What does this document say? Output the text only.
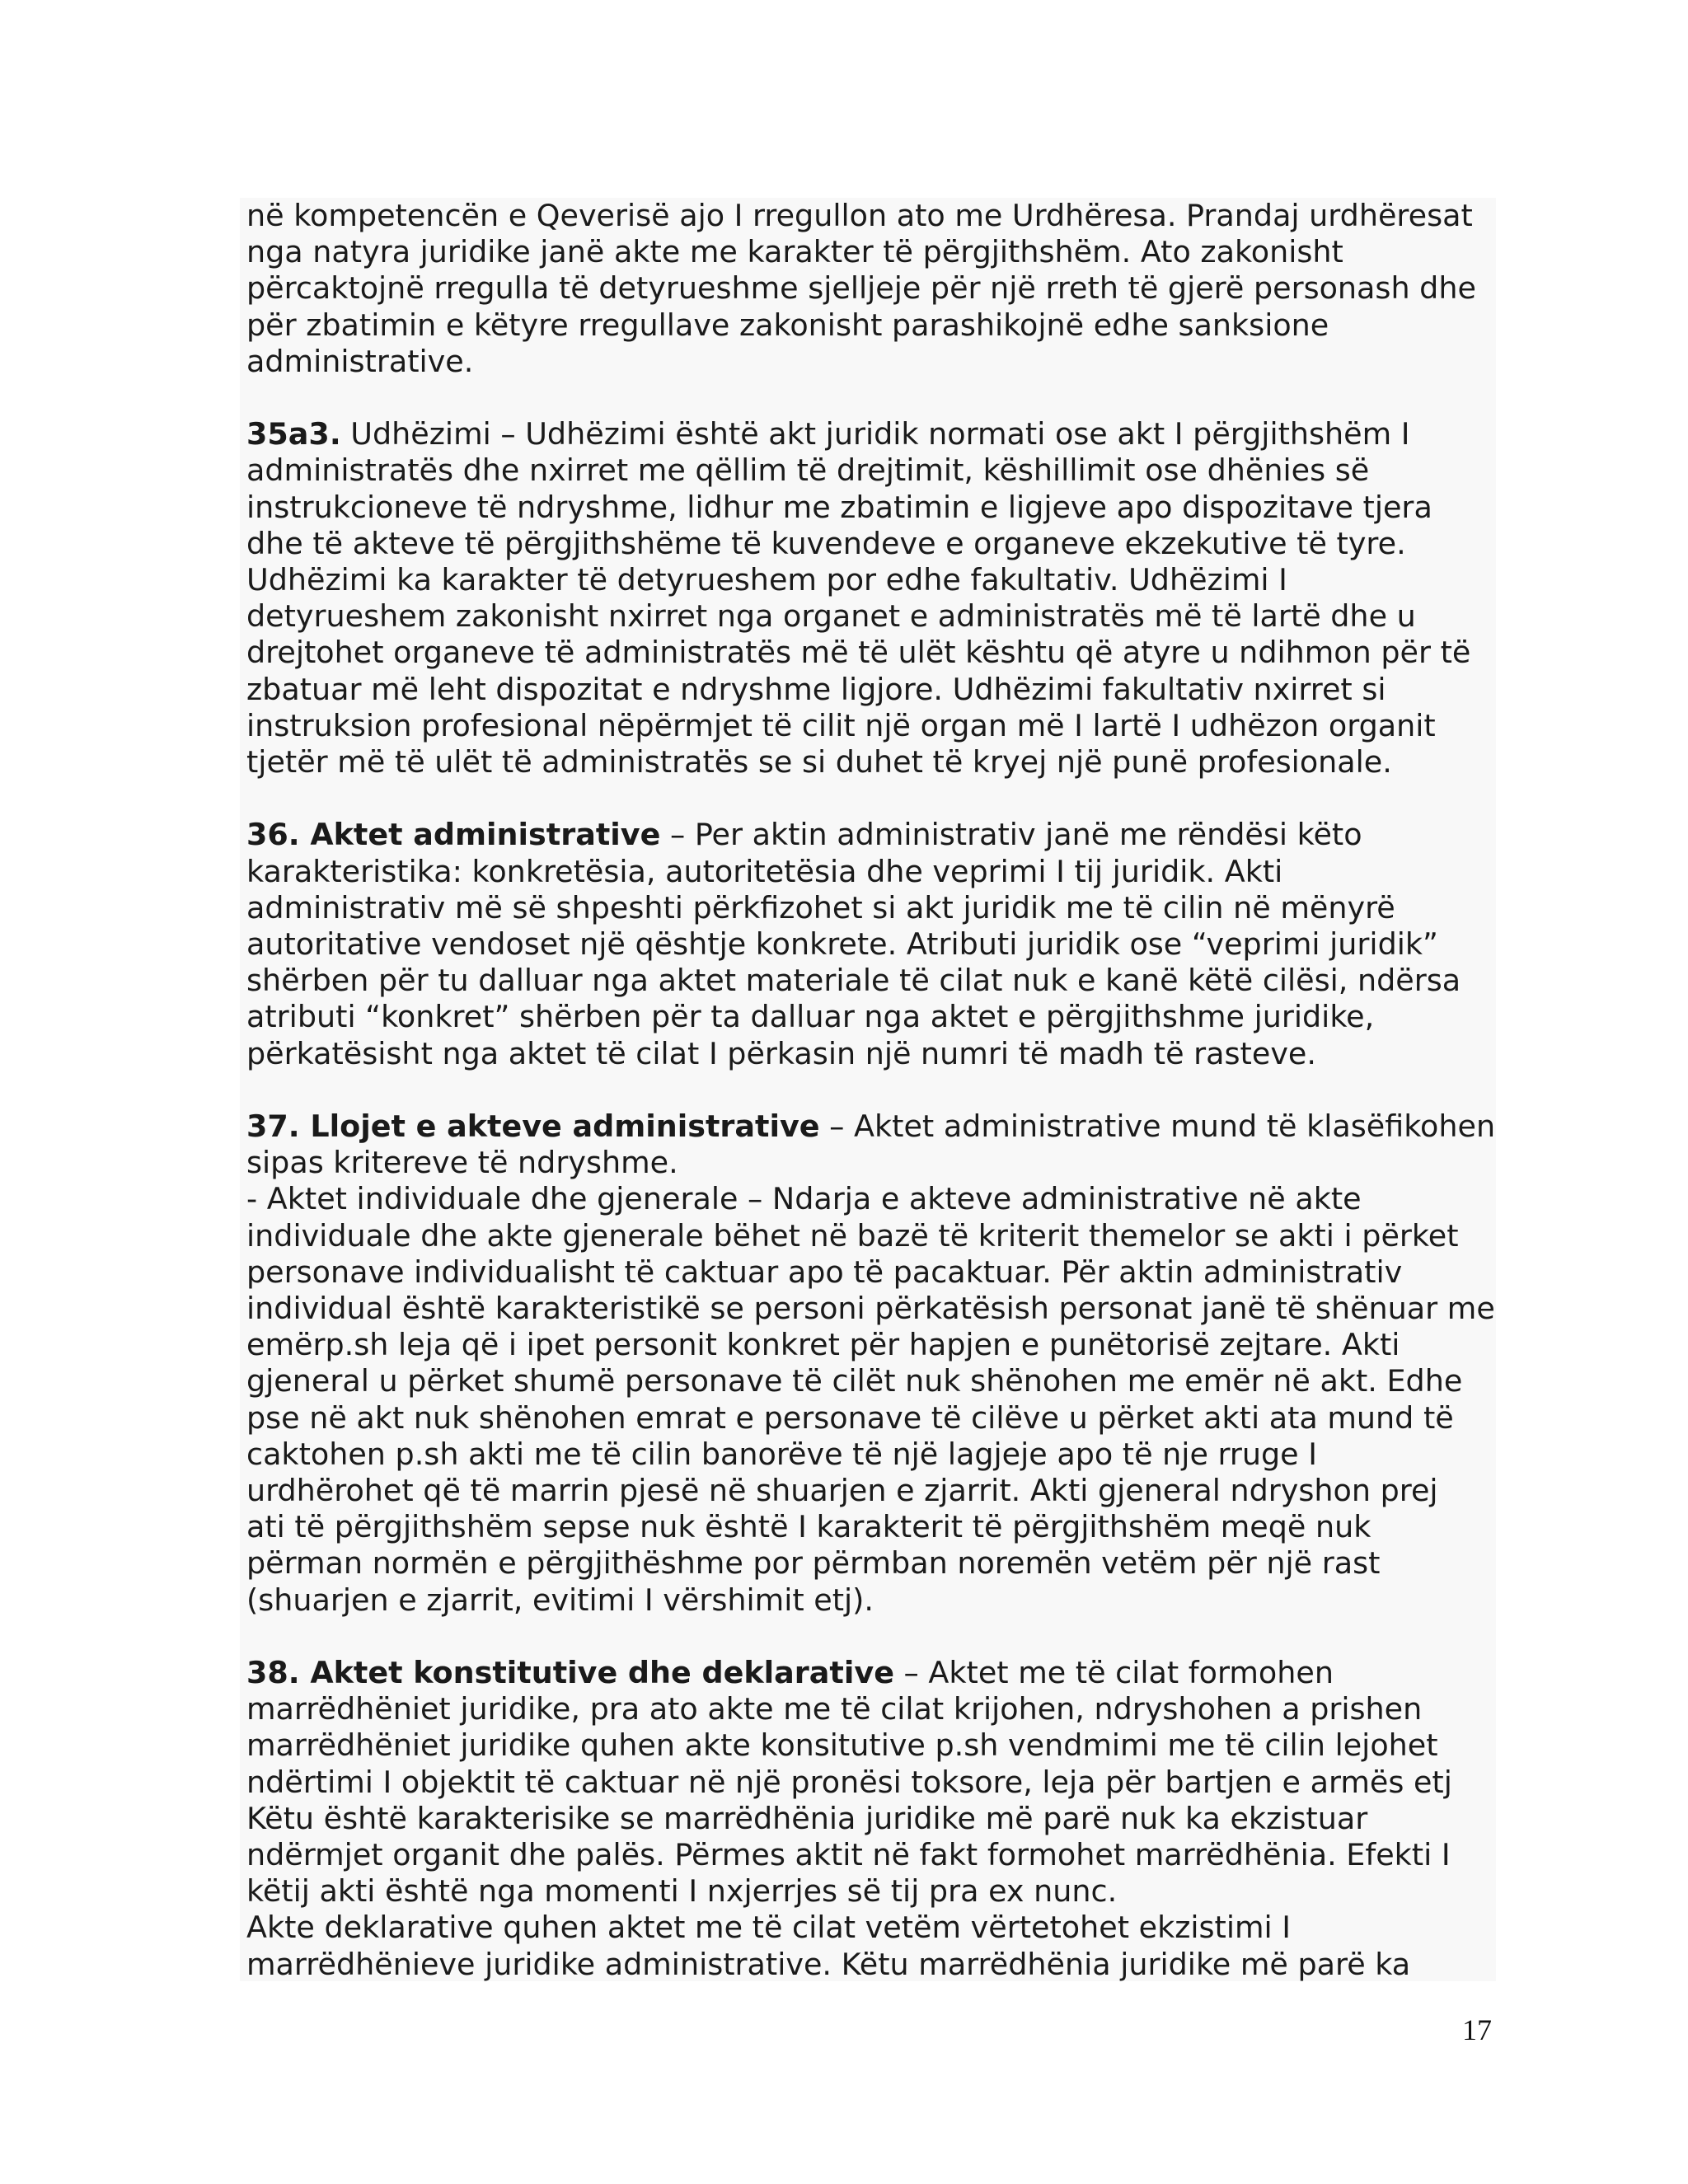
në kompetencën e Qeverisë ajo I rregullon ato me Urdhëresa. Prandaj urdhëresat

nga natyra juridike janë akte me karakter të përgjithshëm. Ato zakonisht

përcaktojnë rregulla të detyrueshme sjelljeje për një rreth të gjerë personash dhe

për zbatimin e këtyre rregullave zakonisht parashikojnë edhe sanksione

administrative.

35a3. Udhëzimi – Udhëzimi është akt juridik normati ose akt I përgjithshëm I

administratës dhe nxirret me qëllim të drejtimit, këshillimit ose dhënies së

instrukcioneve të ndryshme, lidhur me zbatimin e ligjeve apo dispozitave tjera

dhe të akteve të përgjithshëme të kuvendeve e organeve ekzekutive të tyre.

Udhëzimi ka karakter të detyrueshem por edhe fakultativ. Udhëzimi I

detyrueshem zakonisht nxirret nga organet e administratës më të lartë dhe u

drejtohet organeve të administratës më të ulët kështu që atyre u ndihmon për të

zbatuar më leht dispozitat e ndryshme ligjore. Udhëzimi fakultativ nxirret si

instruksion profesional nëpërmjet të cilit një organ më I lartë I udhëzon organit

tjetër më të ulët të administratës se si duhet të kryej një punë profesionale.

36. Aktet administrative – Per aktin administrativ janë me rëndësi këto

karakteristika: konkretësia, autoritetësia dhe veprimi I tij juridik. Akti

administrativ më së shpeshti përkfizohet si akt juridik me të cilin në mënyrë

autoritative vendoset një qështje konkrete. Atributi juridik ose “veprimi juridik”

shërben për tu dalluar nga aktet materiale të cilat nuk e kanë këtë cilësi, ndërsa

atributi “konkret” shërben për ta dalluar nga aktet e përgjithshme juridike,

përkatësisht nga aktet të cilat I përkasin një numri të madh të rasteve.

37. Llojet e akteve administrative – Aktet administrative mund të klasëfikohen

sipas kritereve të ndryshme.

- Aktet individuale dhe gjenerale – Ndarja e akteve administrative në akte

individuale dhe akte gjenerale bëhet në bazë të kriterit themelor se akti i përket

personave individualisht të caktuar apo të pacaktuar. Për aktin administrativ

individual është karakteristikë se personi përkatësish personat janë të shënuar me

emërp.sh leja që i ipet personit konkret për hapjen e punëtorisë zejtare. Akti

gjeneral u përket shumë personave të cilët nuk shënohen me emër në akt. Edhe

pse në akt nuk shënohen emrat e personave të cilëve u përket akti ata mund të

caktohen p.sh akti me të cilin banorëve të një lagjeje apo të nje rruge I

urdhërohet që të marrin pjesë në shuarjen e zjarrit. Akti gjeneral ndryshon prej

ati të përgjithshëm sepse nuk është I karakterit të përgjithshëm meqë nuk

përman normën e përgjithëshme por përmban noremën vetëm për një rast

(shuarjen e zjarrit, evitimi I vërshimit etj).

38. Aktet konstitutive dhe deklarative – Aktet me të cilat formohen

marrëdhëniet juridike, pra ato akte me të cilat krijohen, ndryshohen a prishen

marrëdhëniet juridike quhen akte konsitutive p.sh vendmimi me të cilin lejohet

ndërtimi I objektit të caktuar në një pronësi toksore, leja për bartjen e armës etj

Këtu është karakterisike se marrëdhënia juridike më parë nuk ka ekzistuar

ndërmjet organit dhe palës. Përmes aktit në fakt formohet marrëdhënia. Efekti I

këtij akti është nga momenti I nxjerrjes së tij pra ex nunc.

Akte deklarative quhen aktet me të cilat vetëm vërtetohet ekzistimi I

marrëdhënieve juridike administrative. Këtu marrëdhënia juridike më parë ka

17
